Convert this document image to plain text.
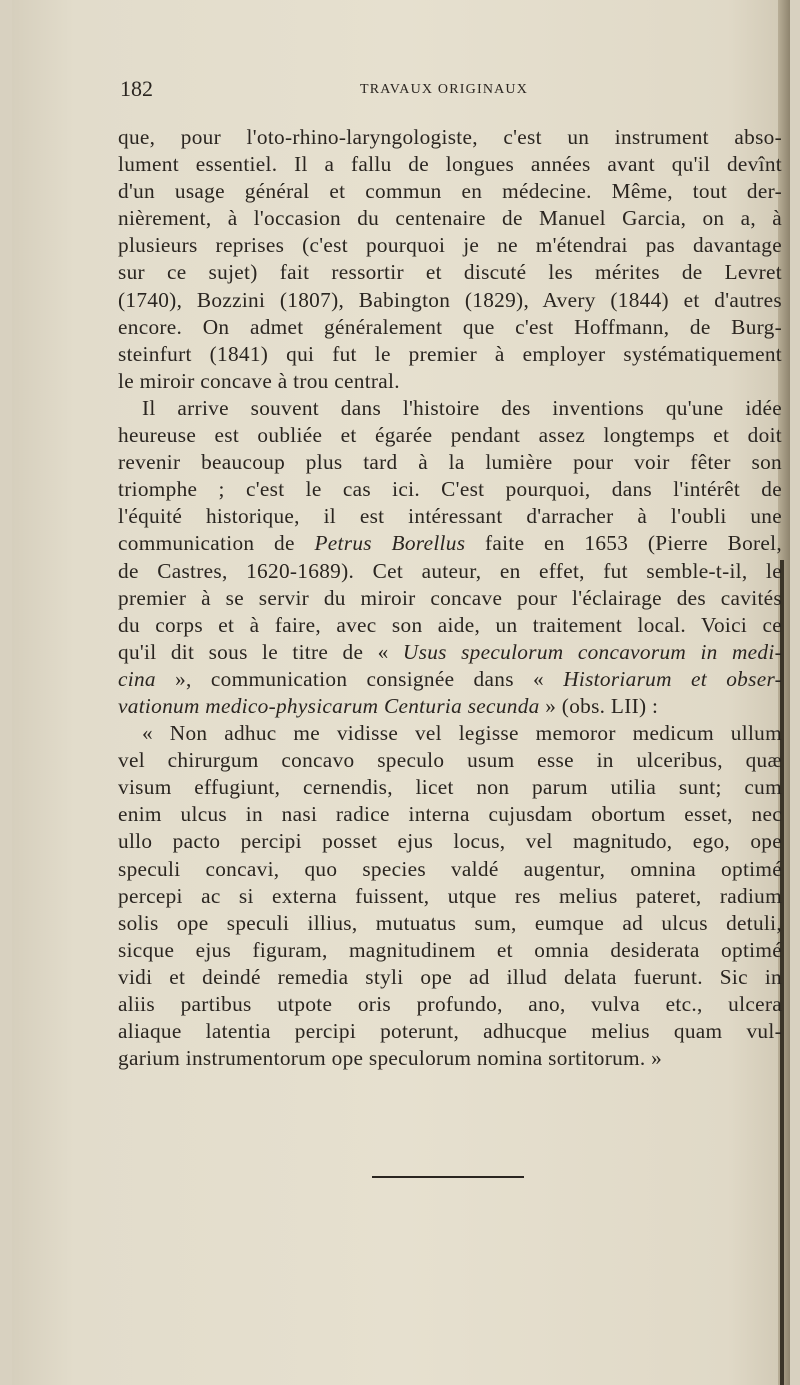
182	TRAVAUX ORIGINAUX
que, pour l'oto-rhino-laryngologiste, c'est un instrument abso-
lument essentiel. Il a fallu de longues années avant qu'il devînt
d'un usage général et commun en médecine. Même, tout der-
nièrement, à l'occasion du centenaire de Manuel Garcia, on a, à
plusieurs reprises (c'est pourquoi je ne m'étendrai pas davantage
sur ce sujet) fait ressortir et discuté les mérites de Levret
(1740), Bozzini (1807), Babington (1829), Avery (1844) et d'autres
encore. On admet généralement que c'est Hoffmann, de Burg-
steinfurt (1841) qui fut le premier à employer systématiquement
le miroir concave à trou central.
Il arrive souvent dans l'histoire des inventions qu'une idée
heureuse est oubliée et égarée pendant assez longtemps et doit
revenir beaucoup plus tard à la lumière pour voir fêter son
triomphe ; c'est le cas ici. C'est pourquoi, dans l'intérêt de
l'équité historique, il est intéressant d'arracher à l'oubli une
communication de Petrus Borellus faite en 1653 (Pierre Borel,
de Castres, 1620-1689). Cet auteur, en effet, fut semble-t-il, le
premier à se servir du miroir concave pour l'éclairage des cavités
du corps et à faire, avec son aide, un traitement local. Voici ce
qu'il dit sous le titre de « Usus speculorum concavorum in medi-
cina », communication consignée dans « Historiarum et obser-
vationum medico-physicarum Centuria secunda » (obs. LII) :
« Non adhuc me vidisse vel legisse memoror medicum ullum
vel chirurgum concavo speculo usum esse in ulceribus, quæ
visum effugiunt, cernendis, licet non parum utilia sunt; cum
enim ulcus in nasi radice interna cujusdam obortum esset, nec
ullo pacto percipi posset ejus locus, vel magnitudo, ego, ope
speculi concavi, quo species valdé augentur, omnina optimé
percepi ac si externa fuissent, utque res melius pateret, radium
solis ope speculi illius, mutuatus sum, eumque ad ulcus detuli,
sicque ejus figuram, magnitudinem et omnia desiderata optimé
vidi et deindé remedia styli ope ad illud delata fuerunt. Sic in
aliis partibus utpote oris profundo, ano, vulva etc., ulcera
aliaque latentia percipi poterunt, adhucque melius quam vul-
garium instrumentorum ope speculorum nomina sortitorum. »
